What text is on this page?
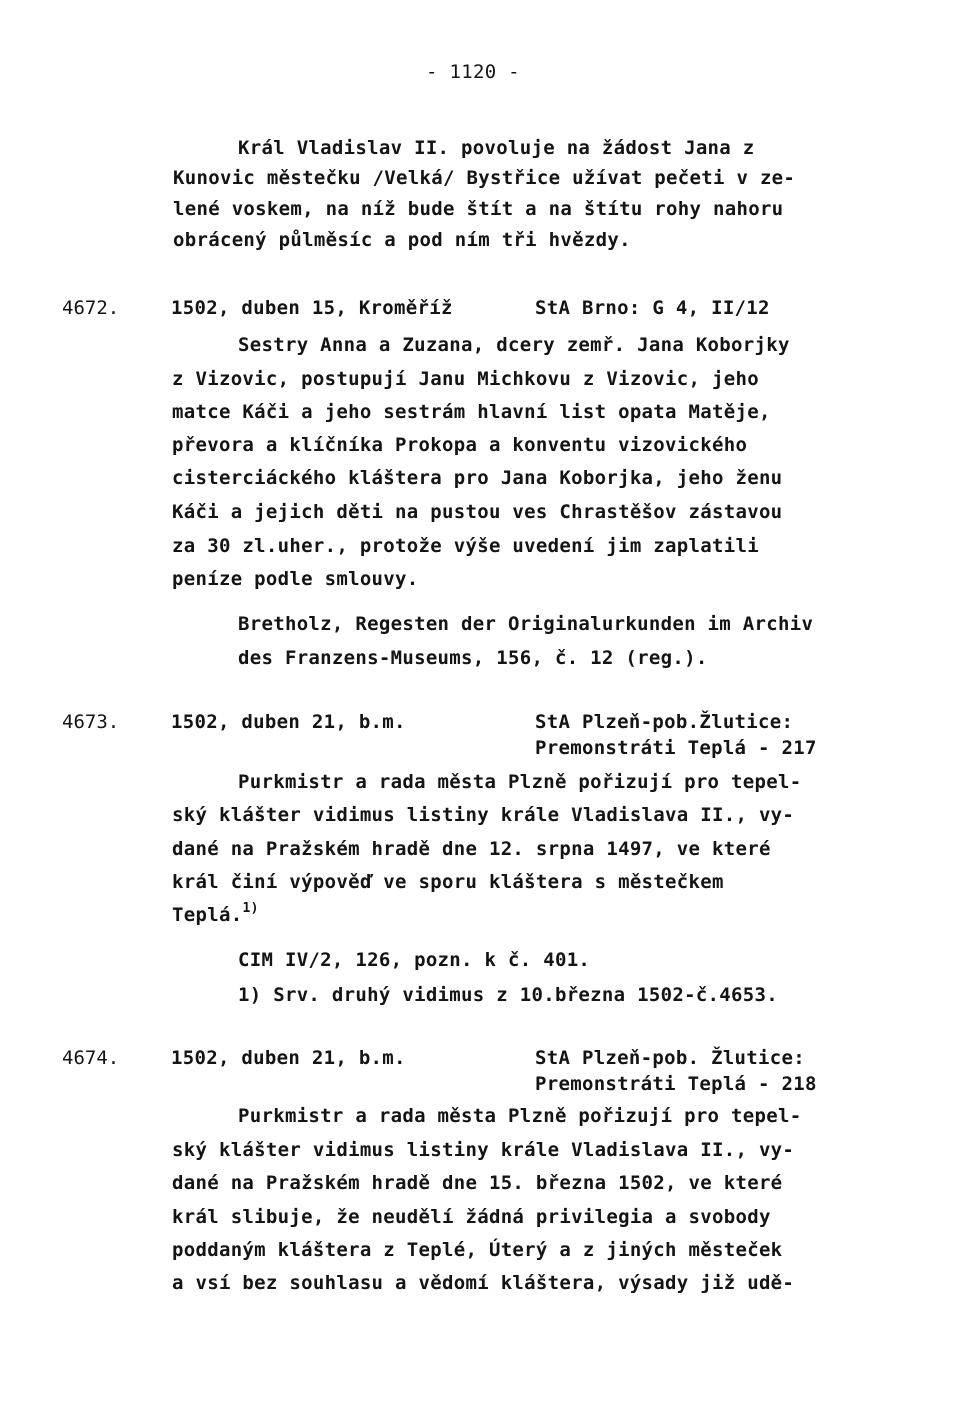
- 1120 -
Král Vladislav II. povoluje na žádost Jana z
Kunovic městečku /Velká/ Bystřice užívat pečeti v ze-
lené voskem, na níž bude štít a na štítu rohy nahoru
obrácený půlměsíc a pod ním tři hvězdy.
4672.	1502, duben 15, Kroměříž	StA Brno: G 4, II/12
Sestry Anna a Zuzana, dcery zemř. Jana Koborjky
z Vizovic, postupují Janu Michkovu z Vizovic, jeho
matce Káči a jeho sestrám hlavní list opata Matěje,
převora a klíčníka Prokopa a konventu vizovického
cisterciáckého kláštera pro Jana Koborjka, jeho ženu
Káči a jejich děti na pustou ves Chrastěšov zástavou
za 30 zl.uher., protože výše uvedení jim zaplatili
peníze podle smlouvy.
Bretholz, Regesten der Originalurkunden im Archiv
des Franzens-Museums, 156, č. 12 (reg.).
4673.	1502, duben 21, b.m.	StA Plzeň-pob.Žlutice:
Premonstráti Teplá - 217
Purkmistr a rada města Plzně pořizují pro tepel-
ský klášter vidimus listiny krále Vladislava II., vy-
dané na Pražském hradě dne 12. srpna 1497, ve které
král činí výpověď ve sporu kláštera s městečkem
Teplá.$^{1)}$
CIM IV/2, 126, pozn. k č. 401.
1) Srv. druhý vidimus z 10.března 1502-č.4653.
4674.	1502, duben 21, b.m.	StA Plzeň-pob. Žlutice:
Premonstráti Teplá - 218
Purkmistr a rada města Plzně pořizují pro tepel-
ský klášter vidimus listiny krále Vladislava II., vy-
dané na Pražském hradě dne 15. března 1502, ve které
král slibuje, že neudělí žádná privilegia a svobody
poddaným kláštera z Teplé, Úterý a z jiných městeček
a vsí bez souhlasu a vědomí kláštera, výsady již udě-
